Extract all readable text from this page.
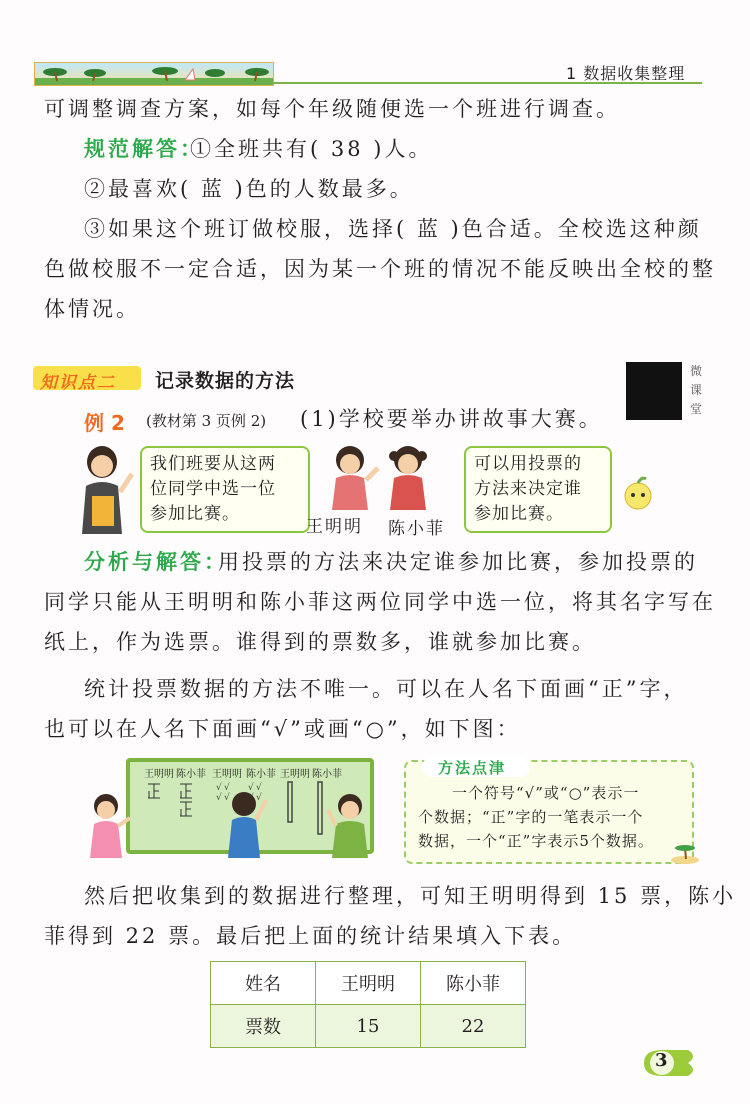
1 数据收集整理
可调整调查方案，如每个年级随便选一个班进行调查。
规范解答：
①全班共有( 38 )人。
②最喜欢( 蓝 )色的人数最多。
③如果这个班订做校服，选择( 蓝 )色合适。全校选这种颜
色做校服不一定合适，因为某一个班的情况不能反映出全校的整
体情况。
知识点二 记录数据的方法	微课堂
例 2 (教材第 3 页例 2) (1)学校要举办讲故事大赛。
我们班要从这两
位同学中选一位
参加比赛。
王明明 陈小菲
可以用投票的
方法来决定谁
参加比赛。
分析与解答：
用投票的方法来决定谁参加比赛，参加投票的
同学只能从王明明和陈小菲这两位同学中选一位，将其名字写在
纸上，作为选票。谁得到的票数多，谁就参加比赛。
统计投票数据的方法不唯一。可以在人名下面画“正”字，
也可以在人名下面画“√”或画“○”，如下图：
王明明 陈小菲 王明明 陈小菲 王明明 陈小菲
√ √
√ √
√ √
√
方法点津
一个符号“√”或“○”表示一
个数据；“正”字的一笔表示一个
数据，一个“正”字表示5个数据。
然后把收集到的数据进行整理，可知王明明得到 15 票，陈小
菲得到 22 票。最后把上面的统计结果填入下表。
姓名	王明明	陈小菲
票数	15	22
3
